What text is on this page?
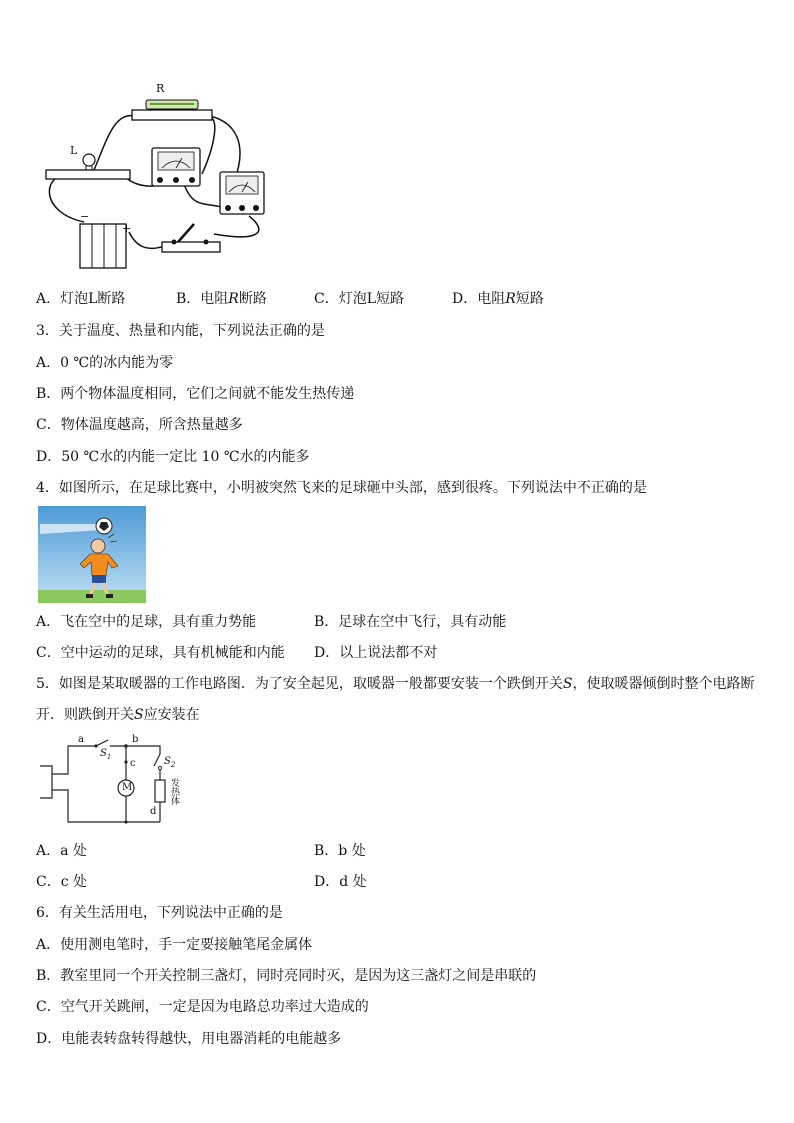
R
L
−
+
A．灯泡L断路	B．电阻R断路	C．灯泡L短路	D．电阻R短路
3．关于温度、热量和内能，下列说法正确的是
A．0 ℃的冰内能为零
B．两个物体温度相同，它们之间就不能发生热传递
C．物体温度越高，所含热量越多
D．50 ℃水的内能一定比 10 ℃水的内能多
4．如图所示，在足球比赛中，小明被突然飞来的足球砸中头部，感到很疼。下列说法中不正确的是
A．飞在空中的足球，具有重力势能	B．足球在空中飞行，具有动能
C．空中运动的足球，具有机械能和内能 D．以上说法都不对
5．如图是某取暖器的工作电路图．为了安全起见，取暖器一般都要安装一个跌倒开关S，使取暖器倾倒时整个电路断
开．则跌倒开关S应安装在
a	b
$S_1$
c	$S_2$
M	发热体
d
A．a 处	B．b 处
C．c 处	D．d 处
6．有关生活用电，下列说法中正确的是
A．使用测电笔时，手一定要接触笔尾金属体
B．教室里同一个开关控制三盏灯，同时亮同时灭，是因为这三盏灯之间是串联的
C．空气开关跳闸，一定是因为电路总功率过大造成的
D．电能表转盘转得越快，用电器消耗的电能越多
